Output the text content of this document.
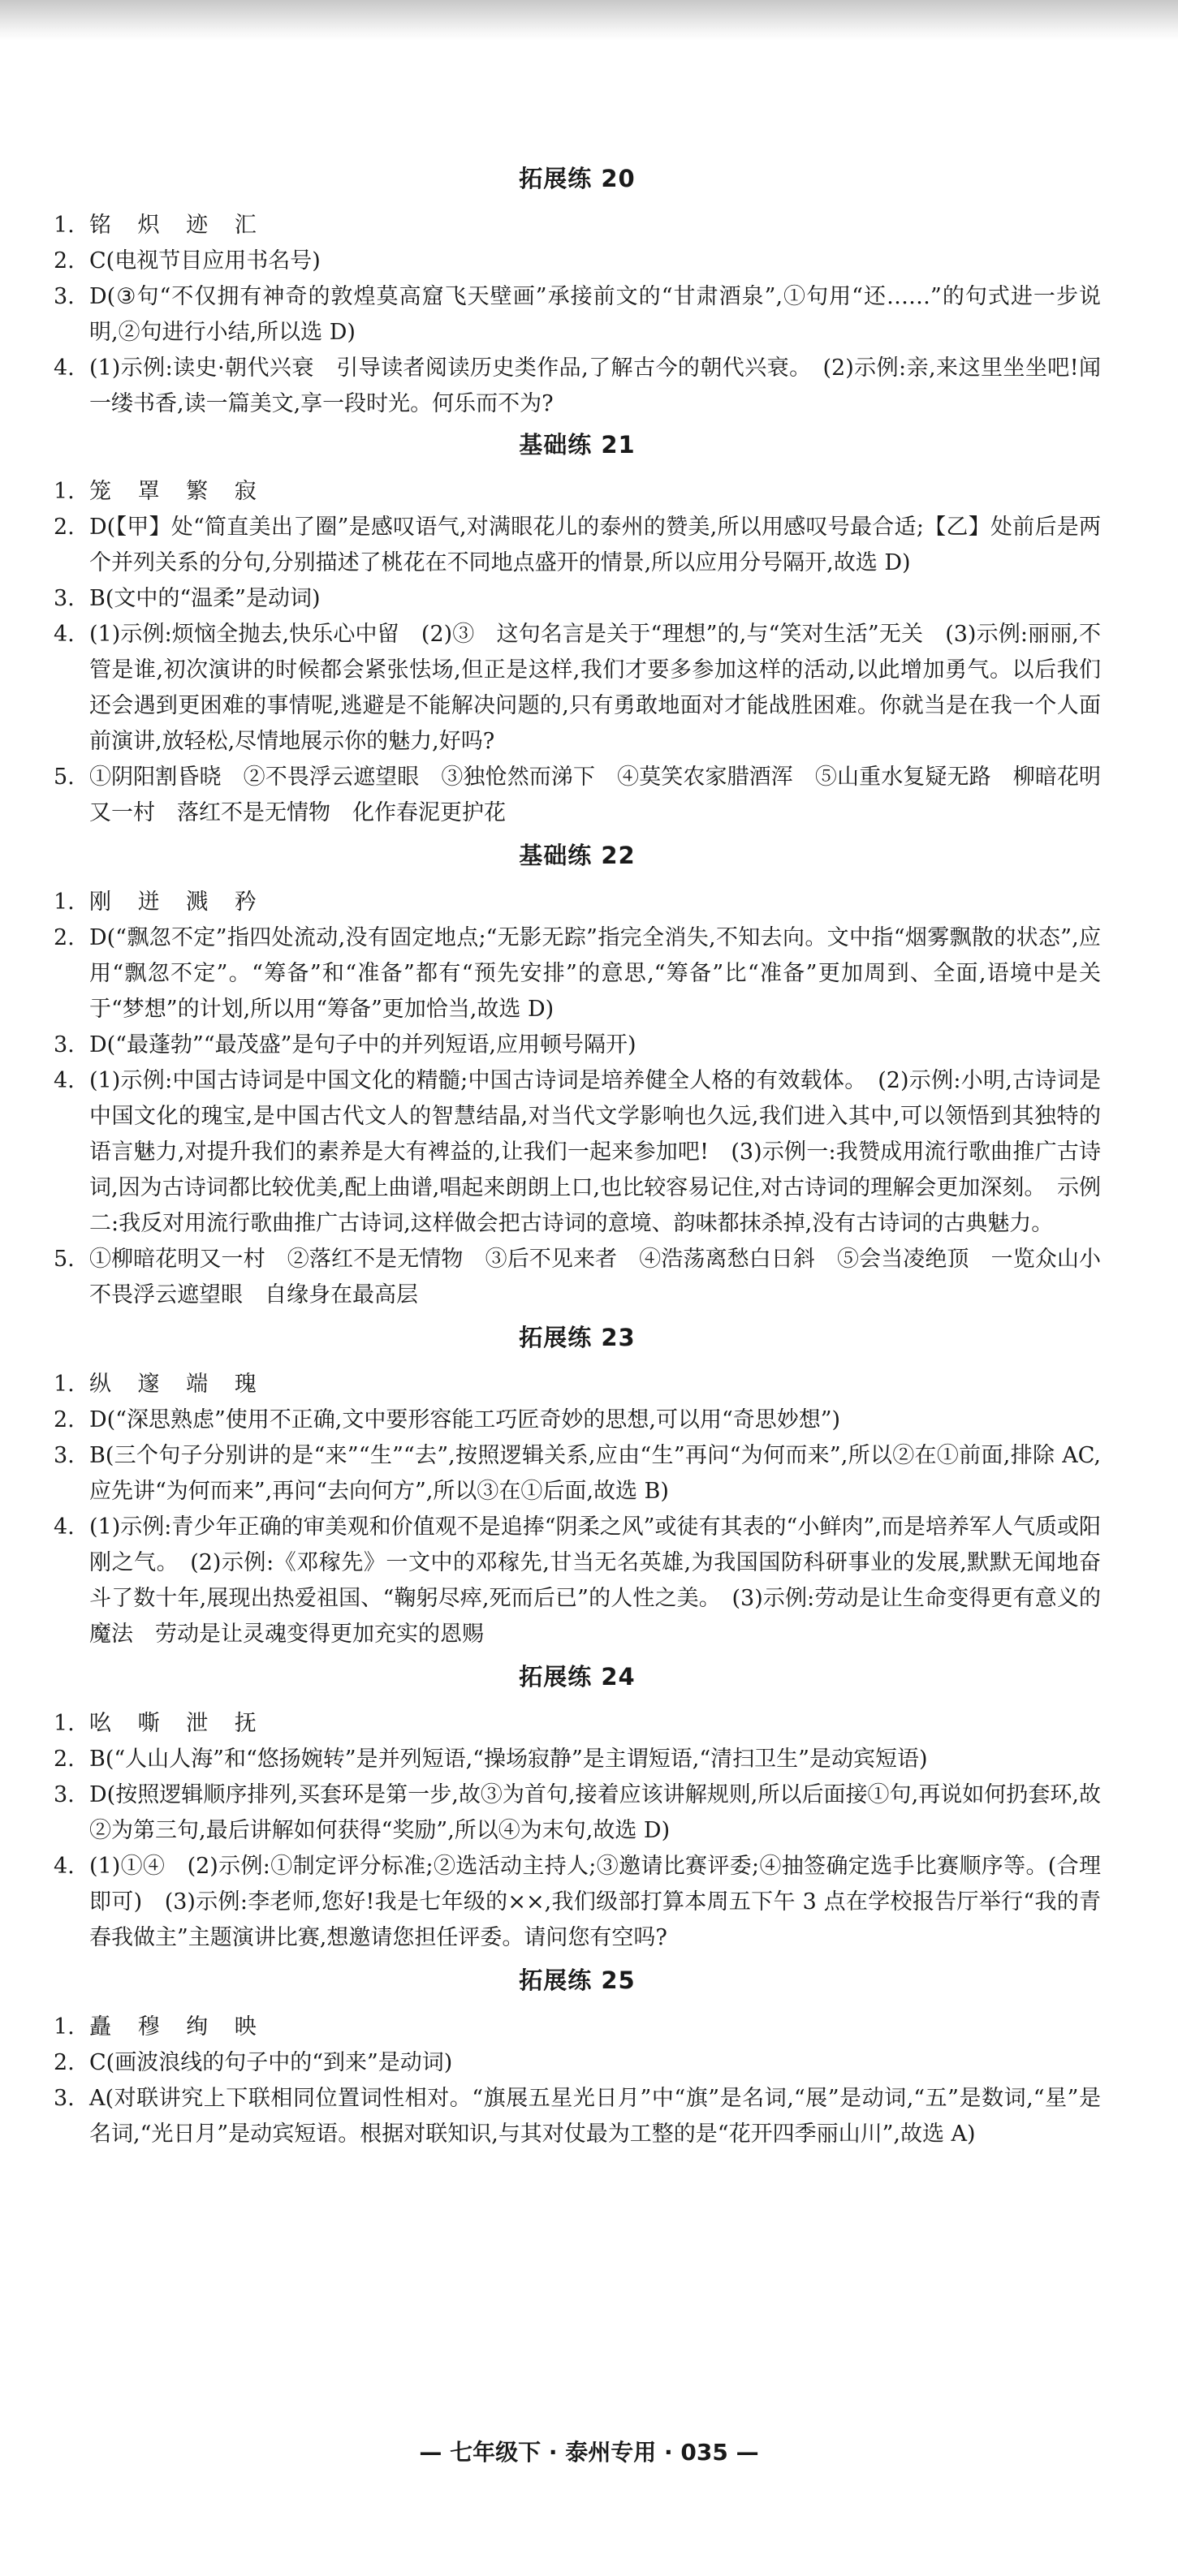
拓展练 20
1. 铭 炽 迹 汇
2. C(电视节目应用书名号)
3. D(③句“不仅拥有神奇的敦煌莫高窟飞天壁画”承接前文的“甘肃酒泉”,①句用“还……”的句式进一步说明,②句进行小结,所以选 D)
4. (1)示例:读史·朝代兴衰　引导读者阅读历史类作品,了解古今的朝代兴衰。　(2)示例:亲,来这里坐坐吧!闻一缕书香,读一篇美文,享一段时光。何乐而不为?
基础练 21
1. 笼 罩 繁 寂
2. D(【甲】处“简直美出了圈”是感叹语气,对满眼花儿的泰州的赞美,所以用感叹号最合适;【乙】处前后是两个并列关系的分句,分别描述了桃花在不同地点盛开的情景,所以应用分号隔开,故选 D)
3. B(文中的“温柔”是动词)
4. (1)示例:烦恼全抛去,快乐心中留　(2)③　这句名言是关于“理想”的,与“笑对生活”无关　(3)示例:丽丽,不管是谁,初次演讲的时候都会紧张怯场,但正是这样,我们才要多参加这样的活动,以此增加勇气。以后我们还会遇到更困难的事情呢,逃避是不能解决问题的,只有勇敢地面对才能战胜困难。你就当是在我一个人面前演讲,放轻松,尽情地展示你的魅力,好吗?
5. ①阴阳割昏晓　②不畏浮云遮望眼　③独怆然而涕下　④莫笑农家腊酒浑　⑤山重水复疑无路　柳暗花明又一村　落红不是无情物　化作春泥更护花
基础练 22
1. 刚 迸 溅 矜
2. D(“飘忽不定”指四处流动,没有固定地点;“无影无踪”指完全消失,不知去向。文中指“烟雾飘散的状态”,应用“飘忽不定”。“筹备”和“准备”都有“预先安排”的意思,“筹备”比“准备”更加周到、全面,语境中是关于“梦想”的计划,所以用“筹备”更加恰当,故选 D)
3. D(“最蓬勃”“最茂盛”是句子中的并列短语,应用顿号隔开)
4. (1)示例:中国古诗词是中国文化的精髓;中国古诗词是培养健全人格的有效载体。　(2)示例:小明,古诗词是中国文化的瑰宝,是中国古代文人的智慧结晶,对当代文学影响也久远,我们进入其中,可以领悟到其独特的语言魅力,对提升我们的素养是大有裨益的,让我们一起来参加吧!　(3)示例一:我赞成用流行歌曲推广古诗词,因为古诗词都比较优美,配上曲谱,唱起来朗朗上口,也比较容易记住,对古诗词的理解会更加深刻。　示例二:我反对用流行歌曲推广古诗词,这样做会把古诗词的意境、韵味都抹杀掉,没有古诗词的古典魅力。
5. ①柳暗花明又一村　②落红不是无情物　③后不见来者　④浩荡离愁白日斜　⑤会当凌绝顶　一览众山小　不畏浮云遮望眼　自缘身在最高层
拓展练 23
1. 纵 邃 端 瑰
2. D(“深思熟虑”使用不正确,文中要形容能工巧匠奇妙的思想,可以用“奇思妙想”)
3. B(三个句子分别讲的是“来”“生”“去”,按照逻辑关系,应由“生”再问“为何而来”,所以②在①前面,排除 AC,应先讲“为何而来”,再问“去向何方”,所以③在①后面,故选 B)
4. (1)示例:青少年正确的审美观和价值观不是追捧“阴柔之风”或徒有其表的“小鲜肉”,而是培养军人气质或阳刚之气。　(2)示例:《邓稼先》一文中的邓稼先,甘当无名英雄,为我国国防科研事业的发展,默默无闻地奋斗了数十年,展现出热爱祖国、“鞠躬尽瘁,死而后已”的人性之美。　(3)示例:劳动是让生命变得更有意义的魔法　劳动是让灵魂变得更加充实的恩赐
拓展练 24
1. 吆 嘶 泄 抚
2. B(“人山人海”和“悠扬婉转”是并列短语,“操场寂静”是主谓短语,“清扫卫生”是动宾短语)
3. D(按照逻辑顺序排列,买套环是第一步,故③为首句,接着应该讲解规则,所以后面接①句,再说如何扔套环,故②为第三句,最后讲解如何获得“奖励”,所以④为末句,故选 D)
4. (1)①④　(2)示例:①制定评分标准;②选活动主持人;③邀请比赛评委;④抽签确定选手比赛顺序等。(合理即可)　(3)示例:李老师,您好!我是七年级的××,我们级部打算本周五下午 3 点在学校报告厅举行“我的青春我做主”主题演讲比赛,想邀请您担任评委。请问您有空吗?
拓展练 25
1. 矗 穆 绚 映
2. C(画波浪线的句子中的“到来”是动词)
3. A(对联讲究上下联相同位置词性相对。“旗展五星光日月”中“旗”是名词,“展”是动词,“五”是数词,“星”是名词,“光日月”是动宾短语。根据对联知识,与其对仗最为工整的是“花开四季丽山川”,故选 A)
— 七年级下 · 泰州专用 · 035 —
